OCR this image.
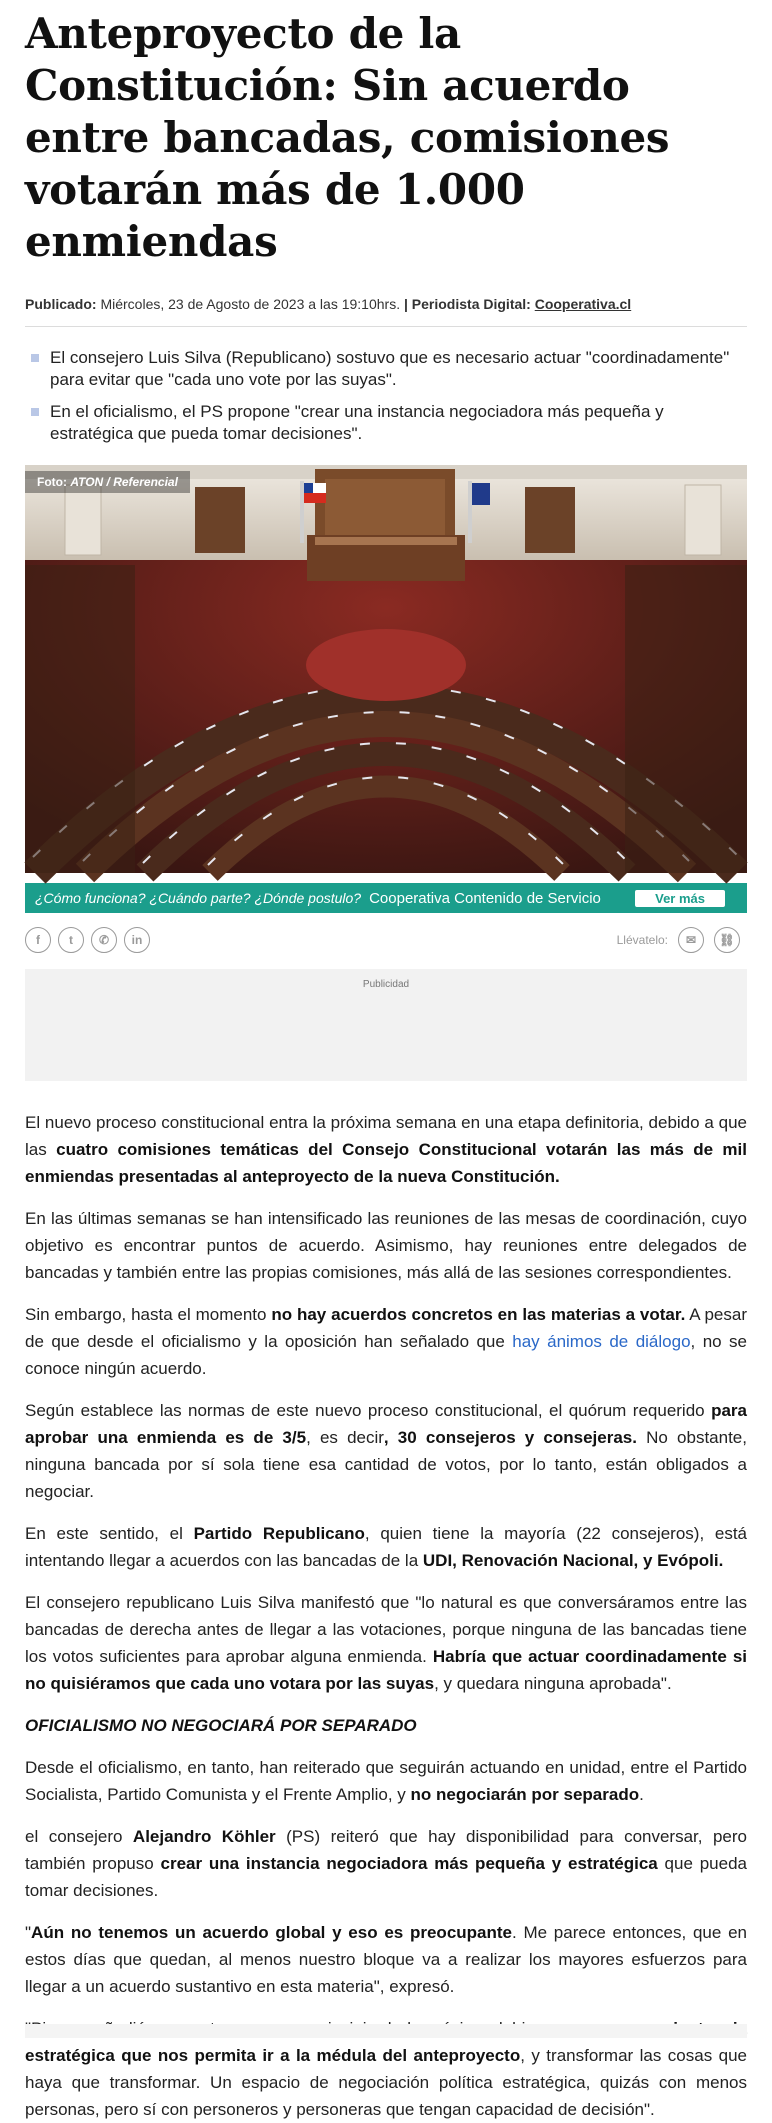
Anteproyecto de la Constitución: Sin acuerdo entre bancadas, comisiones votarán más de 1.000 enmiendas
Publicado: Miércoles, 23 de Agosto de 2023 a las 19:10hrs. | Periodista Digital: Cooperativa.cl
El consejero Luis Silva (Republicano) sostuvo que es necesario actuar "coordinadamente" para evitar que "cada uno vote por las suyas".
En el oficialismo, el PS propone "crear una instancia negociadora más pequeña y estratégica que pueda tomar decisiones".
Foto: ATON / Referencial
¿Cómo funciona? ¿Cuándo parte? ¿Dónde postulo? Cooperativa Contenido de Servicio	Ver más
f	t	✆	in	Llévatelo:	✉	⛓
Publicidad

El nuevo proceso constitucional entra la próxima semana en una etapa definitoria, debido a que las cuatro comisiones temáticas del Consejo Constitucional votarán las más de mil enmiendas presentadas al anteproyecto de la nueva Constitución.

En las últimas semanas se han intensificado las reuniones de las mesas de coordinación, cuyo objetivo es encontrar puntos de acuerdo. Asimismo, hay reuniones entre delegados de bancadas y también entre las propias comisiones, más allá de las sesiones correspondientes.

Sin embargo, hasta el momento no hay acuerdos concretos en las materias a votar. A pesar de que desde el oficialismo y la oposición han señalado que hay ánimos de diálogo, no se conoce ningún acuerdo.

Según establece las normas de este nuevo proceso constitucional, el quórum requerido para aprobar una enmienda es de 3/5, es decir, 30 consejeros y consejeras. No obstante, ninguna bancada por sí sola tiene esa cantidad de votos, por lo tanto, están obligados a negociar.

En este sentido, el Partido Republicano, quien tiene la mayoría (22 consejeros), está intentando llegar a acuerdos con las bancadas de la UDI, Renovación Nacional, y Evópoli.

El consejero republicano Luis Silva manifestó que "lo natural es que conversáramos entre las bancadas de derecha antes de llegar a las votaciones, porque ninguna de las bancadas tiene los votos suficientes para aprobar alguna enmienda. Habría que actuar coordinadamente si no quisiéramos que cada uno votara por las suyas, y quedara ninguna aprobada".

OFICIALISMO NO NEGOCIARÁ POR SEPARADO

Desde el oficialismo, en tanto, han reiterado que seguirán actuando en unidad, entre el Partido Socialista, Partido Comunista y el Frente Amplio, y no negociarán por separado.

el consejero Alejandro Köhler (PS) reiteró que hay disponibilidad para conversar, pero también propuso crear una instancia negociadora más pequeña y estratégica que pueda tomar decisiones.

"Aún no tenemos un acuerdo global y eso es preocupante. Me parece entonces, que en estos días que quedan, al menos nuestro bloque va a realizar los mayores esfuerzos para llegar a un acuerdo sustantivo en esta materia", expresó.

estratégica que nos permita ir a la médula del anteproyecto, y transformar las cosas que haya que transformar. Un espacio de negociación política estratégica, quizás con menos personas, pero sí con personeros y personeras que tengan capacidad de decisión".
